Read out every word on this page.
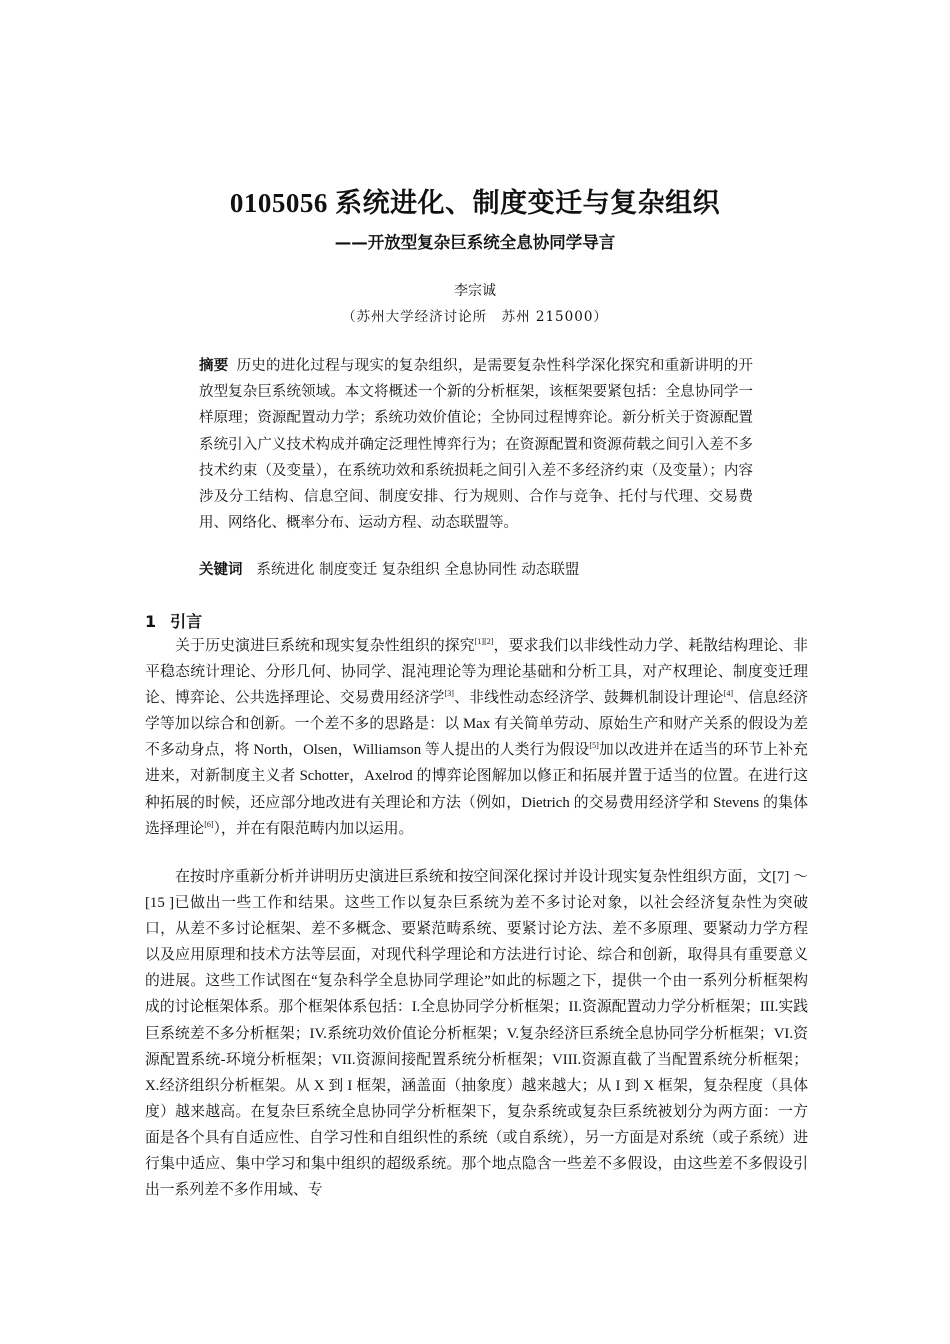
0105056 系统进化、制度变迁与复杂组织
——开放型复杂巨系统全息协同学导言
李宗诚
（苏州大学经济讨论所　苏州 215000）

摘要 历史的进化过程与现实的复杂组织，是需要复杂性科学深化探究和重新讲明的开放型复杂巨系统领域。本文将概述一个新的分析框架，该框架要紧包括：全息协同学一样原理；资源配置动力学；系统功效价值论；全协同过程博弈论。新分析关于资源配置系统引入广义技术构成并确定泛理性博弈行为；在资源配置和资源荷载之间引入差不多技术约束（及变量），在系统功效和系统损耗之间引入差不多经济约束（及变量）；内容涉及分工结构、信息空间、制度安排、行为规则、合作与竞争、托付与代理、交易费用、网络化、概率分布、运动方程、动态联盟等。

关键词 系统进化 制度变迁 复杂组织 全息协同性 动态联盟
1 引言

关于历史演进巨系统和现实复杂性组织的探究[1][2]，要求我们以非线性动力学、耗散结构理论、非平稳态统计理论、分形几何、协同学、混沌理论等为理论基础和分析工具，对产权理论、制度变迁理论、博弈论、公共选择理论、交易费用经济学[3]、非线性动态经济学、鼓舞机制设计理论[4]、信息经济学等加以综合和创新。一个差不多的思路是：以 Max 有关简单劳动、原始生产和财产关系的假设为差不多动身点，将 North，Olsen，Williamson 等人提出的人类行为假设[5]加以改进并在适当的环节上补充进来，对新制度主义者 Schotter，Axelrod 的博弈论图解加以修正和拓展并置于适当的位置。在进行这种拓展的时候，还应部分地改进有关理论和方法（例如，Dietrich 的交易费用经济学和 Stevens 的集体选择理论[6]），并在有限范畴内加以运用。

在按时序重新分析并讲明历史演进巨系统和按空间深化探讨并设计现实复杂性组织方面，文[7] ～[15 ]已做出一些工作和结果。这些工作以复杂巨系统为差不多讨论对象，以社会经济复杂性为突破口，从差不多讨论框架、差不多概念、要紧范畴系统、要紧讨论方法、差不多原理、要紧动力学方程以及应用原理和技术方法等层面，对现代科学理论和方法进行讨论、综合和创新，取得具有重要意义的进展。这些工作试图在“复杂科学全息协同学理论”如此的标题之下，提供一个由一系列分析框架构成的讨论框架体系。那个框架体系包括：I.全息协同学分析框架；II.资源配置动力学分析框架；III.实践巨系统差不多分析框架；IV.系统功效价值论分析框架；V.复杂经济巨系统全息协同学分析框架；VI.资源配置系统-环境分析框架；VII.资源间接配置系统分析框架；VIII.资源直截了当配置系统分析框架；X.经济组织分析框架。从 X 到 I 框架，涵盖面（抽象度）越来越大；从 I 到 X 框架，复杂程度（具体度）越来越高。在复杂巨系统全息协同学分析框架下，复杂系统或复杂巨系统被划分为两方面：一方面是各个具有自适应性、自学习性和自组织性的系统（或自系统），另一方面是对系统（或子系统）进行集中适应、集中学习和集中组织的超级系统。那个地点隐含一些差不多假设，由这些差不多假设引出一系列差不多作用域、专
